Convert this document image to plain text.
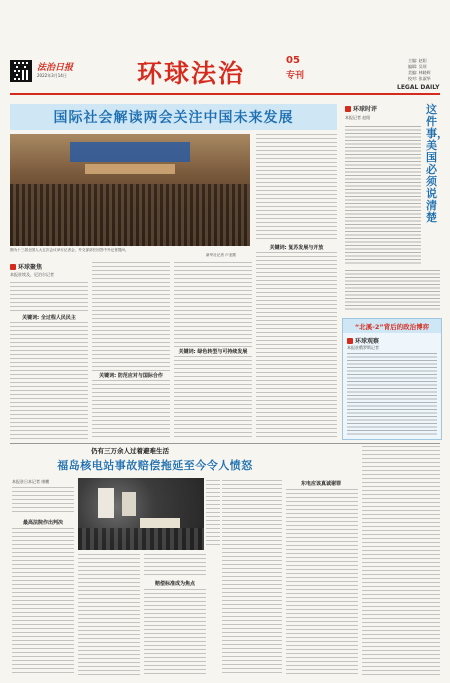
法治日报
2022年3月14日	环球法治	05
专刊
主编: 赵阳
编辑: 吴琼
美编: 林晓辉
校对: 张淑华
LEGAL DAILY
国际社会解读两会关注中国未来发展
图为十三届全国人大五次会议举行记者会，外交部部长回答中外记者提问。
新华社记者 卢亚摄
环球聚焦
本报驻埃及、尼泊尔记者
关键词: 全过程人民民主
关键词: 防范应对与国际合作
关键词: 绿色转型与可持续发展
关键词: 复苏发展与开放
环球时评
本报记者 赵阳
这件事，美国必须说清楚
“北溪-2”背后的政治博弈
环球观察
本报驻俄罗斯记者
仍有三万余人过着避难生活
福岛核电站事故赔偿拖延至今令人愤怒
本报驻日本记者 康鹏
最高法院作出判决
赔偿标准成为焦点
东电应该真诚谢罪
